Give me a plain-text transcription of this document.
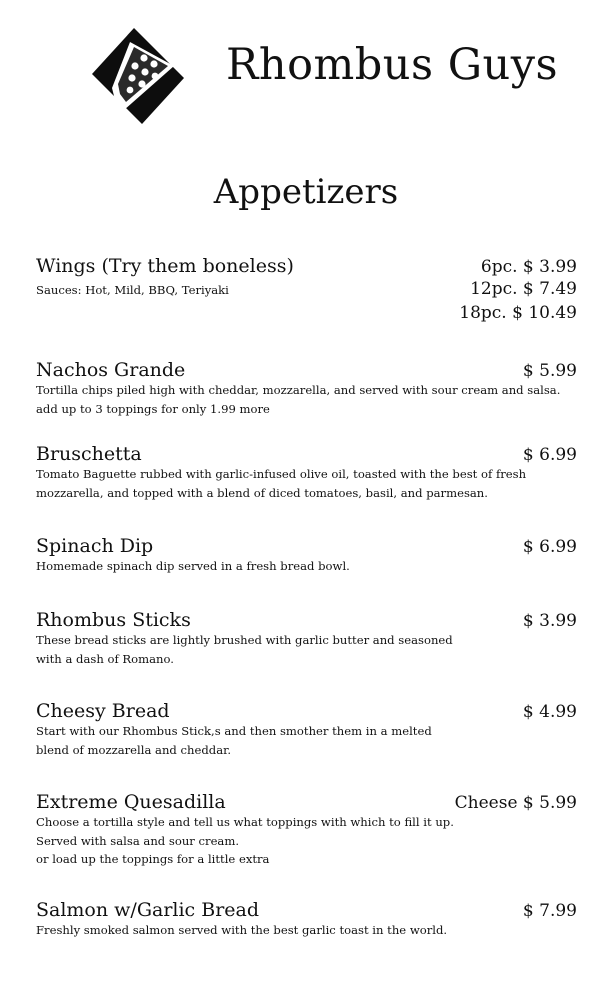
Rhombus Guys
Appetizers
Wings (Try them boneless)	6pc. $ 3.99
Sauces: Hot, Mild, BBQ, Teriyaki	12pc. $ 7.49
18pc. $ 10.49
Nachos Grande	$ 5.99
Tortilla chips piled high with cheddar, mozzarella, and served with sour cream and salsa.
add up to 3 toppings for only 1.99 more
Bruschetta	$ 6.99
Tomato Baguette rubbed with garlic-infused olive oil, toasted with the best of fresh
mozzarella, and topped with a blend of diced tomatoes, basil, and parmesan.
Spinach Dip	$ 6.99
Homemade spinach dip served in a fresh bread bowl.
Rhombus Sticks	$ 3.99
These bread sticks are lightly brushed with garlic butter and seasoned
with a dash of Romano.
Cheesy Bread	$ 4.99
Start with our Rhombus Stick,s and then smother them in a melted
blend of mozzarella and cheddar.
Extreme Quesadilla	Cheese $ 5.99
Choose a tortilla style and tell us what toppings with which to fill it up.
Served with salsa and sour cream.
or load up the toppings for a little extra
Salmon w/Garlic Bread	$ 7.99
Freshly smoked salmon served with the best garlic toast in the world.
